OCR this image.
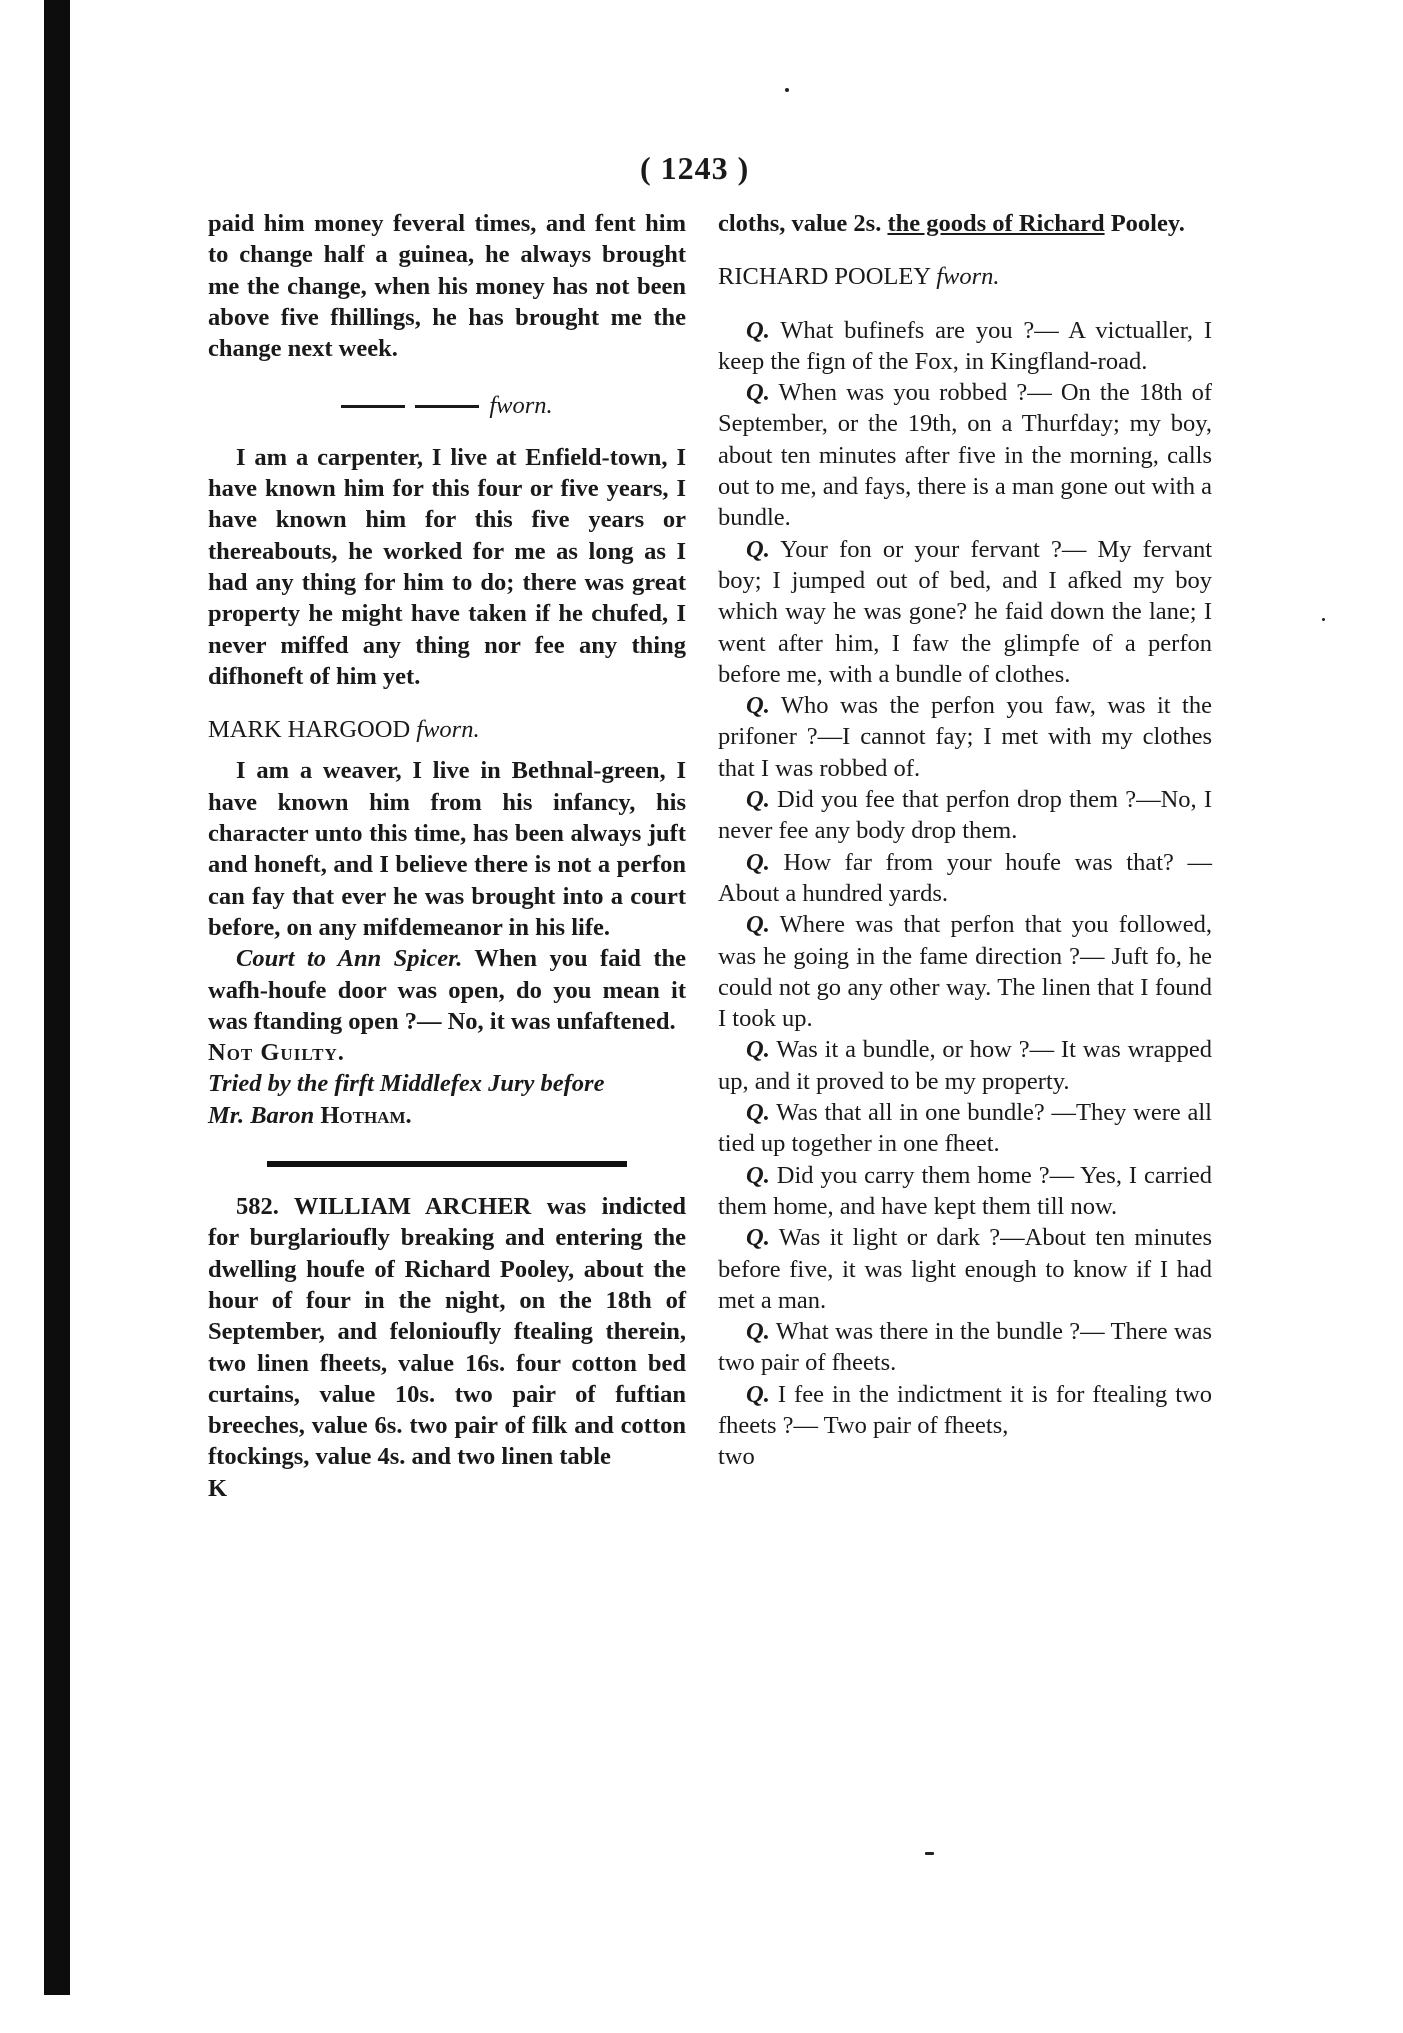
( 1243 )

paid him money feveral times, and fent him to change half a guinea, he always brought me the change, when his money has not been above five fhillings, he has brought me the change next week.

fworn.

I am a carpenter, I live at Enfield-town, I have known him for this four or five years, I have known him for this five years or thereabouts, he worked for me as long as I had any thing for him to do; there was great property he might have taken if he chufed, I never miffed any thing nor fee any thing difhoneft of him yet.

MARK HARGOOD fworn.

I am a weaver, I live in Bethnal-green, I have known him from his infancy, his character unto this time, has been always juft and honeft, and I believe there is not a perfon can fay that ever he was brought into a court before, on any mifdemeanor in his life.

Court to Ann Spicer. When you faid the wafh-houfe door was open, do you mean it was ftanding open ?— No, it was unfaftened.

Not Guilty.

Tried by the firft Middlefex Jury before

Mr. Baron Hotham.

582. WILLIAM ARCHER was indicted for burglarioufly breaking and entering the dwelling houfe of Richard Pooley, about the hour of four in the night, on the 18th of September, and felonioufly ftealing therein, two linen fheets, value 16s. four cotton bed curtains, value 10s. two pair of fuftian breeches, value 6s. two pair of filk and cotton ftockings, value 4s. and two linen table

K

cloths, value 2s. the goods of Richard Pooley.

RICHARD POOLEY fworn.

Q. What bufinefs are you ?— A victualler, I keep the fign of the Fox, in Kingfland-road.

Q. When was you robbed ?— On the 18th of September, or the 19th, on a Thurfday; my boy, about ten minutes after five in the morning, calls out to me, and fays, there is a man gone out with a bundle.

Q. Your fon or your fervant ?— My fervant boy; I jumped out of bed, and I afked my boy which way he was gone? he faid down the lane; I went after him, I faw the glimpfe of a perfon before me, with a bundle of clothes.

Q. Who was the perfon you faw, was it the prifoner ?—I cannot fay; I met with my clothes that I was robbed of.

Q. Did you fee that perfon drop them ?—No, I never fee any body drop them.

Q. How far from your houfe was that? —About a hundred yards.

Q. Where was that perfon that you followed, was he going in the fame direction ?— Juft fo, he could not go any other way. The linen that I found I took up.

Q. Was it a bundle, or how ?— It was wrapped up, and it proved to be my property.

Q. Was that all in one bundle? —They were all tied up together in one fheet.

Q. Did you carry them home ?— Yes, I carried them home, and have kept them till now.

Q. Was it light or dark ?—About ten minutes before five, it was light enough to know if I had met a man.

Q. What was there in the bundle ?— There was two pair of fheets.

Q. I fee in the indictment it is for ftealing two fheets ?— Two pair of fheets,

two
